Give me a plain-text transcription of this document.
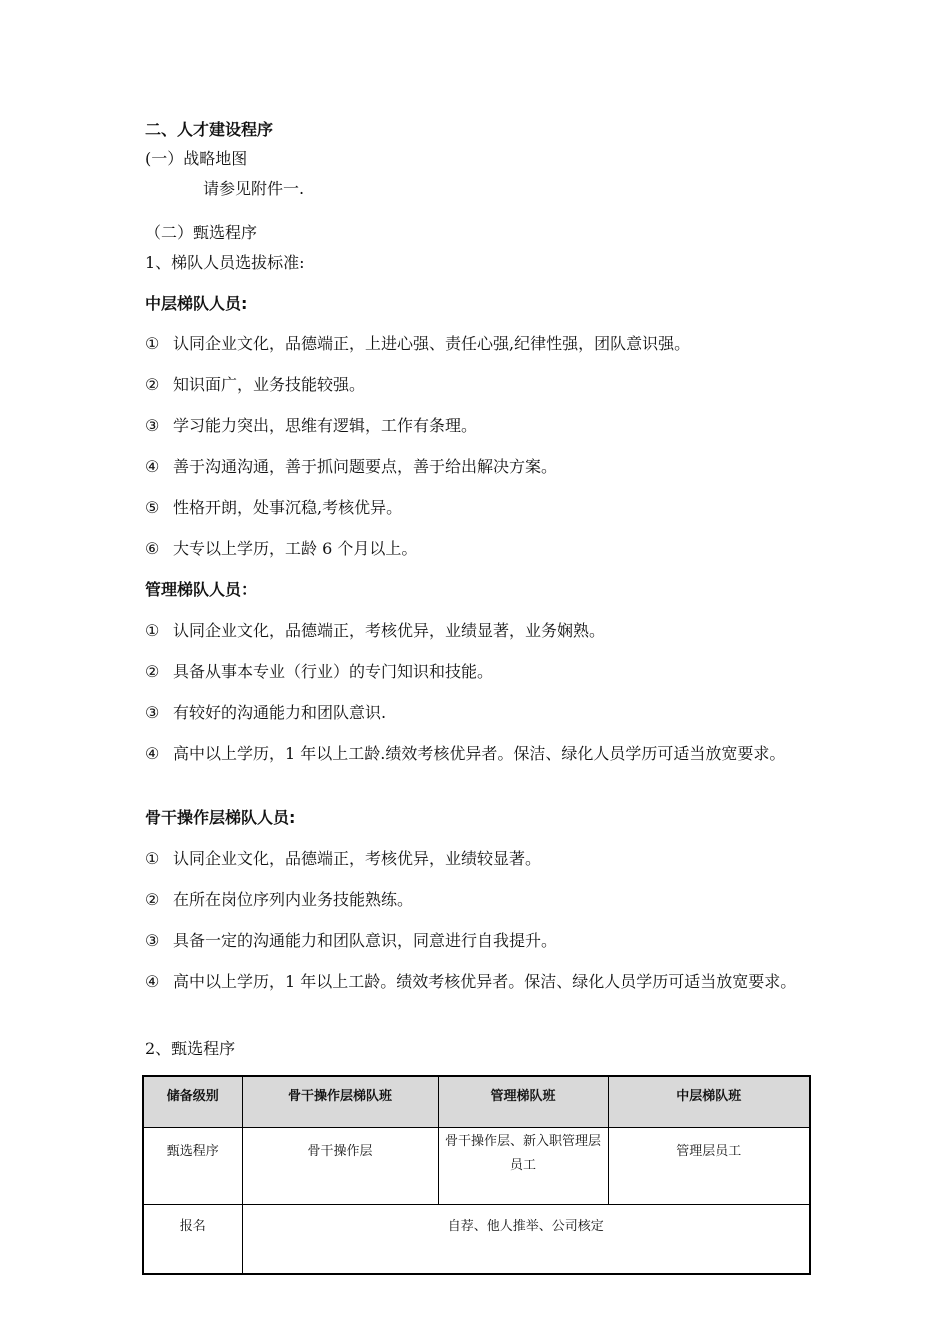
二、人才建设程序
(一）战略地图
请参见附件一.
（二）甄选程序
1、梯队人员选拔标准:
中层梯队人员:
① 认同企业文化，品德端正，上进心强、责任心强,纪律性强，团队意识强。
② 知识面广，业务技能较强。
③ 学习能力突出，思维有逻辑，工作有条理。
④ 善于沟通沟通，善于抓问题要点，善于给出解决方案。
⑤ 性格开朗，处事沉稳,考核优异。
⑥ 大专以上学历，工龄 6 个月以上。
管理梯队人员：
① 认同企业文化，品德端正，考核优异，业绩显著，业务娴熟。
② 具备从事本专业（行业）的专门知识和技能。
③ 有较好的沟通能力和团队意识.
④ 高中以上学历，1 年以上工龄.绩效考核优异者。保洁、绿化人员学历可适当放宽要求。
骨干操作层梯队人员:
① 认同企业文化，品德端正，考核优异，业绩较显著。
② 在所在岗位序列内业务技能熟练。
③ 具备一定的沟通能力和团队意识，同意进行自我提升。
④ 高中以上学历，1 年以上工龄。绩效考核优异者。保洁、绿化人员学历可适当放宽要求。
2、甄选程序
储备级别	骨干操作层梯队班	管理梯队班	中层梯队班
甄选程序	骨干操作层	骨干操作层、新入职管理层员工	管理层员工
报名	自荐、他人推举、公司核定		
